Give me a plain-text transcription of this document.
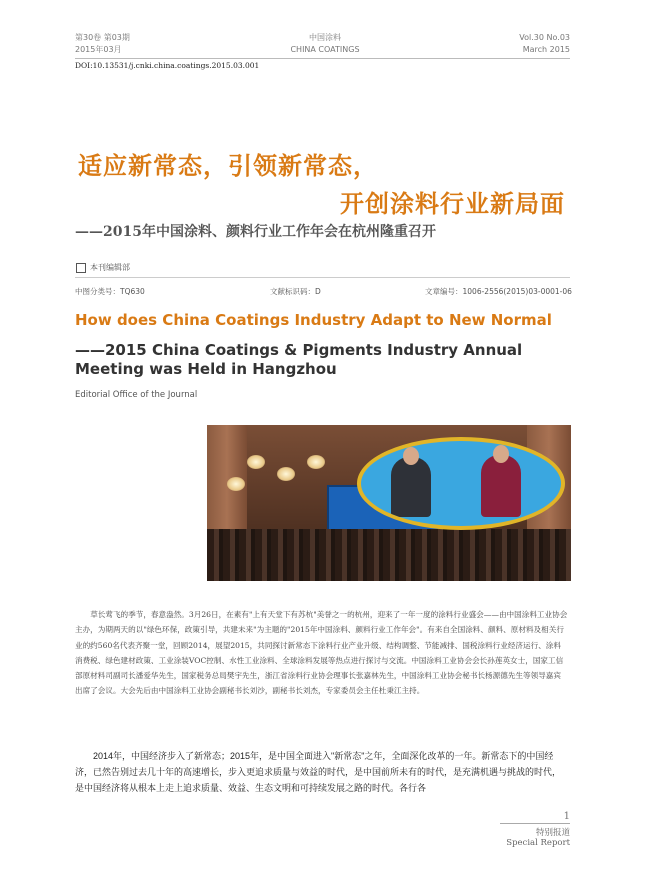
第30卷 第03期
2015年03月
中国涂料
CHINA COATINGS
Vol.30 No.03
March 2015
DOI:10.13531/j.cnki.china.coatings.2015.03.001
适应新常态，引领新常态，
开创涂料行业新局面
——2015年中国涂料、颜料行业工作年会在杭州隆重召开
本刊编辑部
中图分类号：TQ630	文献标识码：D	文章编号：1006-2556(2015)03-0001-06
How does China Coatings Industry Adapt to New Normal
——2015 China Coatings & Pigments Industry Annual Meeting was Held in Hangzhou
Editorial Office of the Journal
草长莺飞的季节，春意盎然。3月26日，在素有"上有天堂下有苏杭"美誉之一的杭州，迎来了一年一度的涂料行业盛会——由中国涂料工业协会主办，为期两天的以"绿色环保，政策引导，共建未来"为主题的"2015年中国涂料、颜料行业工作年会"。有来自全国涂料、颜料、原材料及相关行业的约560名代表齐聚一堂，回顾2014，展望2015，共同探讨新常态下涂料行业产业升级、结构调整、节能减排、国税涂料行业经济运行、涂料消费税、绿色建材政策、工业涂装VOC控制、水性工业涂料、全球涂料发展等热点进行探讨与交流。中国涂料工业协会会长孙莲英女士，国家工信部原材料司副司长潘爱华先生，国家税务总局樊宇先生，浙江省涂料行业协会理事长张嘉林先生，中国涂料工业协会秘书长杨源德先生等领导嘉宾出席了会议。大会先后由中国涂料工业协会副秘书长刘沙，副秘书长刘杰，专家委员会主任杜秉江主持。
2014年，中国经济步入了新常态；2015年，是中国全面进入"新常态"之年，全面深化改革的一年。新常态下的中国经济，已然告别过去几十年的高速增长，步入更追求质量与效益的时代，是中国前所未有的时代，是充满机遇与挑战的时代，是中国经济将从根本上走上追求质量、效益、生态文明和可持续发展之路的时代。各行各
1
特别报道
Special Report
